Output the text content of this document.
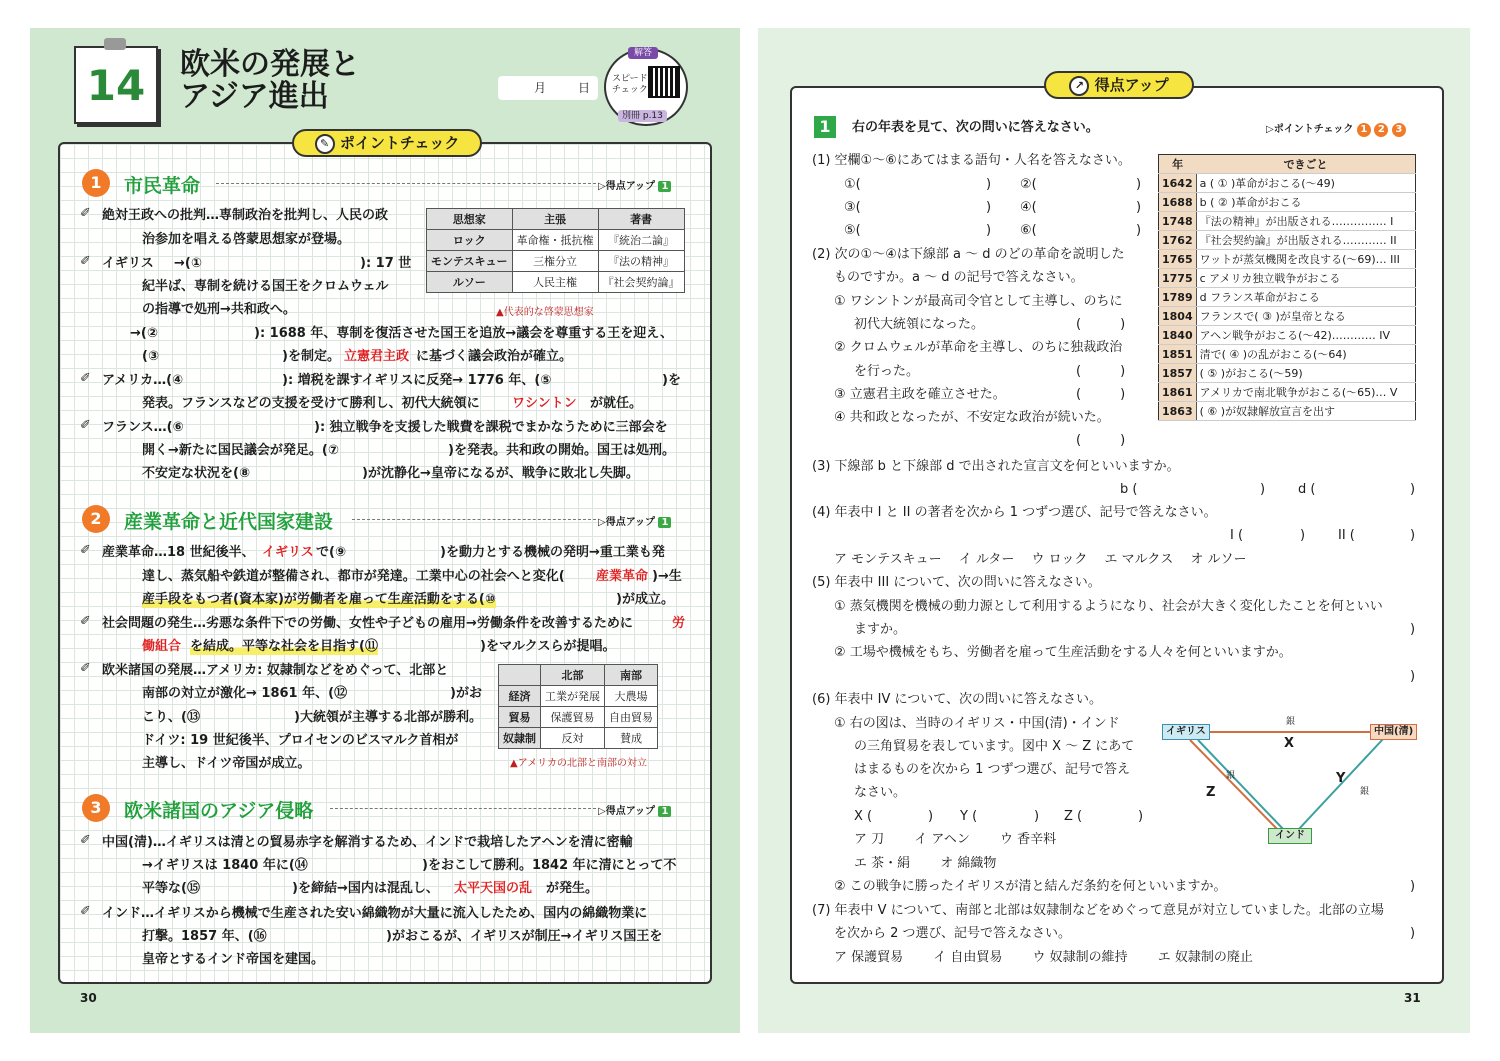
14	欧米の発展と
アジア進出	月	日
解答
スピード
チェック
別冊 p.13
✎ ポイントチェック
1	市民革命	▷得点アップ 1
✐ 絶対王政への批判…専制政治を批判し、人民の政
治参加を唱える啓蒙思想家が登場。
✐ イギリス →(①	): 17 世
紀半ば、専制を続ける国王をクロムウェル
の指導で処刑→共和政へ。
→(②	): 1688 年、専制を復活させた国王を追放→議会を尊重する王を迎え、
(③	)を制定。 立憲君主政 に基づく議会政治が確立。
✐ アメリカ…(④	): 増税を課すイギリスに反発→ 1776 年、(⑤	)を
発表。フランスなどの支援を受けて勝利し、初代大統領に ワシントン が就任。
✐ フランス…(⑥	): 独立戦争を支援した戦費を課税でまかなうために三部会を
開く→新たに国民議会が発足。(⑦	)を発表。共和政の開始。国王は処刑。
不安定な状況を(⑧	)が沈静化→皇帝になるが、戦争に敗北し失脚。
思想家	主張	著書
ロック	革命権・抵抗権	『統治二論』
モンテスキュー	三権分立	『法の精神』
ルソー	人民主権	『社会契約論』
▲代表的な啓蒙思想家
2	産業革命と近代国家建設	▷得点アップ 1
✐ 産業革命…18 世紀後半、 イギリス で(⑨	)を動力とする機械の発明→重工業も発
達し、蒸気船や鉄道が整備され、都市が発達。工業中心の社会へと変化( 産業革命 )→生
産手段をもつ者(資本家)が労働者を雇って生産活動をする(⑩	)が成立。
✐ 社会問題の発生…劣悪な条件下での労働、女性や子どもの雇用→労働条件を改善するために	労
働組合 を結成。平等な社会を目指す(⑪	)をマルクスらが提唱。
✐ 欧米諸国の発展…アメリカ: 奴隷制などをめぐって、北部と
南部の対立が激化→ 1861 年、(⑫	)がお
こり、(⑬	)大統領が主導する北部が勝利。
ドイツ: 19 世紀後半、プロイセンのビスマルク首相が
主導し、ドイツ帝国が成立。
	北部	南部
経済	工業が発展	大農場
貿易	保護貿易	自由貿易
奴隷制	反対	賛成
▲アメリカの北部と南部の対立
3	欧米諸国のアジア侵略	▷得点アップ 1
✐ 中国(清)…イギリスは清との貿易赤字を解消するため、インドで栽培したアヘンを清に密輸
→イギリスは 1840 年に(⑭	)をおこして勝利。1842 年に清にとって不
平等な(⑮	)を締結→国内は混乱し、 太平天国の乱 が発生。
✐ インド…イギリスから機械で生産された安い綿織物が大量に流入したため、国内の綿織物業に
打撃。1857 年、(⑯	)がおこるが、イギリスが制圧→イギリス国王を
皇帝とするインド帝国を建国。
30
↗ 得点アップ
1	右の年表を見て、次の問いに答えなさい。	▷ポイントチェック 1 2 3
(1) 空欄①〜⑥にあてはまる語句・人名を答えなさい。
①(	) ②(	)
③(	) ④(	)
⑤(	) ⑥(	)
(2) 次の①〜④は下線部 a 〜 d のどの革命を説明した
ものですか。a 〜 d の記号で答えなさい。
① ワシントンが最高司令官として主導し、のちに
初代大統領になった。	(　　　)
② クロムウェルが革命を主導し、のちに独裁政治
を行った。	(　　　)
③ 立憲君主政を確立させた。	(　　　)
④ 共和政となったが、不安定な政治が続いた。
(　　　)
年	できごと
1642	a ( ① )革命がおこる(〜49)
1688	b ( ② )革命がおこる
1748	『法の精神』が出版される…………… I
1762	『社会契約論』が出版される………… II
1765	ワットが蒸気機関を改良する(〜69)… III
1775	c アメリカ独立戦争がおこる
1789	d フランス革命がおこる
1804	フランスで( ③ )が皇帝となる
1840	アヘン戦争がおこる(〜42)………… IV
1851	清で( ④ )の乱がおこる(〜64)
1857	( ⑤ )がおこる(〜59)
1861	アメリカで南北戦争がおこる(〜65)… V
1863	( ⑥ )が奴隷解放宣言を出す
(3) 下線部 b と下線部 d で出された宣言文を何といいますか。
b (	)	d (	)
(4) 年表中 I と II の著者を次から 1 つずつ選び、記号で答えなさい。
I (	)	II (	)
ア モンテスキュー　 イ ルター　 ウ ロック　 エ マルクス　 オ ルソー
(5) 年表中 III について、次の問いに答えなさい。
① 蒸気機関を機械の動力源として利用するようになり、社会が大きく変化したことを何といい
ますか。	)
② 工場や機械をもち、労働者を雇って生産活動をする人々を何といいますか。
)
(6) 年表中 IV について、次の問いに答えなさい。
① 右の図は、当時のイギリス・中国(清)・インド
の三角貿易を表しています。図中 X 〜 Z にあて
はまるものを次から 1 つずつ選び、記号で答え
なさい。
X (	) Y (	) Z (	)
ア 刀　　 イ アヘン　　 ウ 香辛料
エ 茶・絹　　 オ 綿織物
② この戦争に勝ったイギリスが清と結んだ条約を何といいますか。	)
イギリス	中国(清)
インド
X
Y
Z
銀
銀
銀
(7) 年表中 V について、南部と北部は奴隷制などをめぐって意見が対立していました。北部の立場
を次から 2 つ選び、記号で答えなさい。	)
ア 保護貿易　　 イ 自由貿易　　 ウ 奴隷制の維持　　 エ 奴隷制の廃止
31
